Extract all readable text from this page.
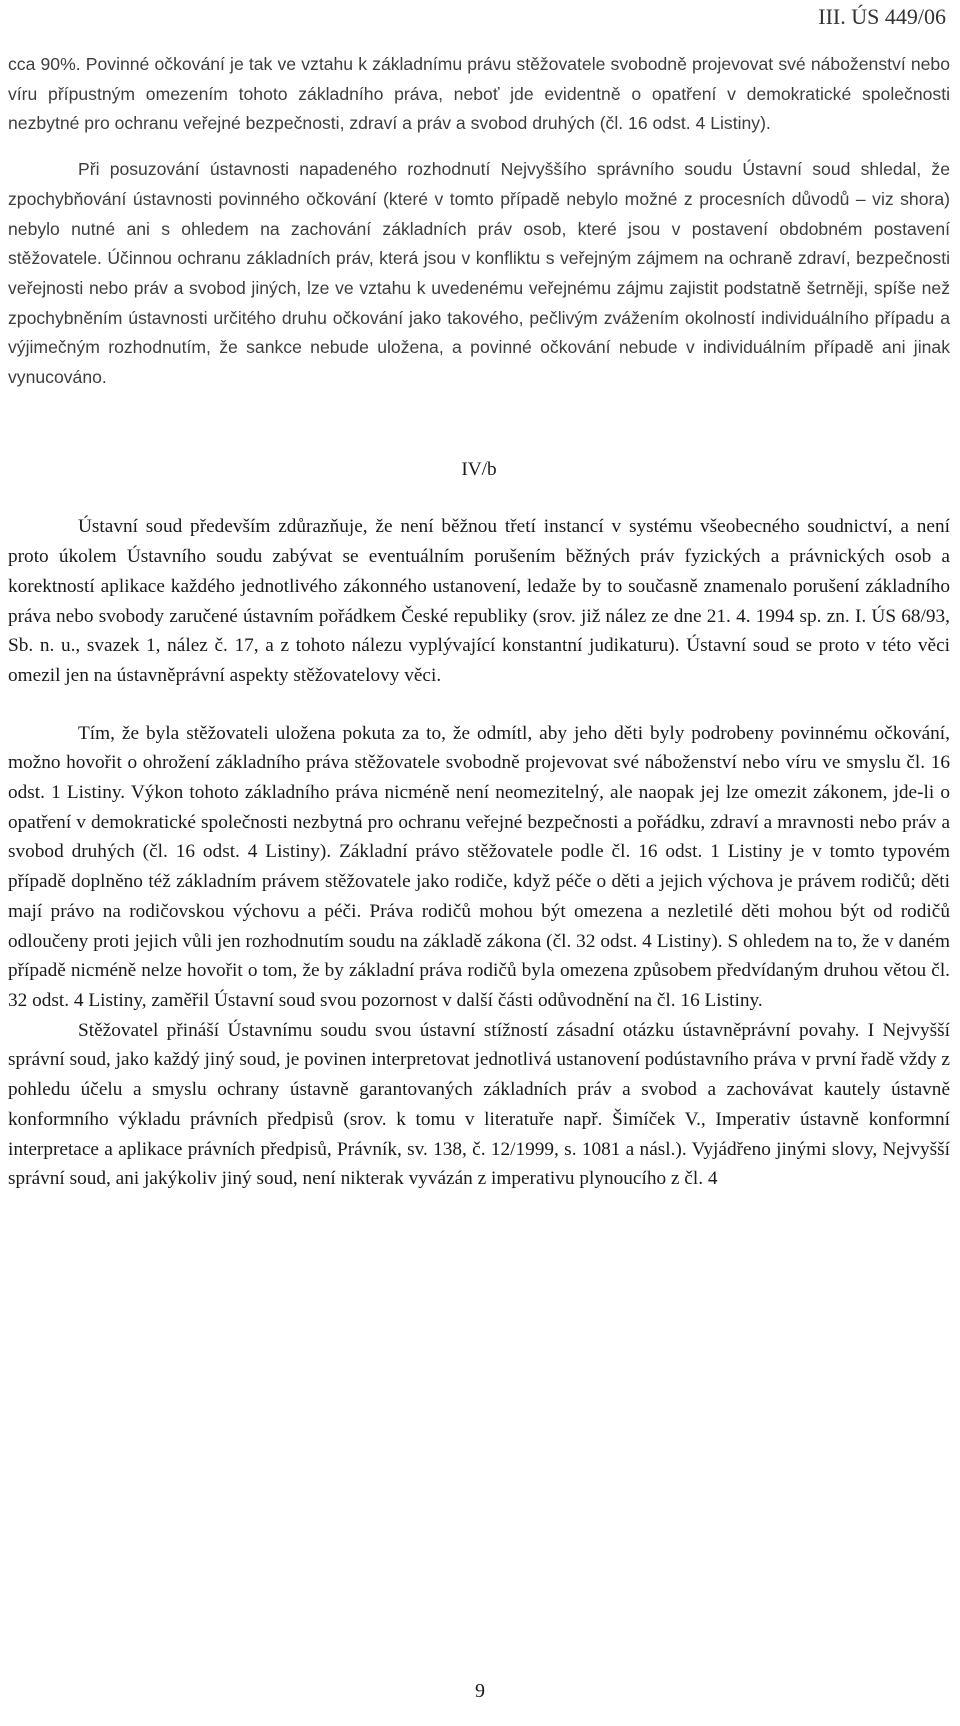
III. ÚS 449/06

cca 90%. Povinné očkování je tak ve vztahu k základnímu právu stěžovatele svobodně projevovat své náboženství nebo víru přípustným omezením tohoto základního práva, neboť jde evidentně o opatření v demokratické společnosti nezbytné pro ochranu veřejné bezpečnosti, zdraví a práv a svobod druhých (čl. 16 odst. 4 Listiny).

Při posuzování ústavnosti napadeného rozhodnutí Nejvyššího správního soudu Ústavní soud shledal, že zpochybňování ústavnosti povinného očkování (které v tomto případě nebylo možné z procesních důvodů – viz shora) nebylo nutné ani s ohledem na zachování základních práv osob, které jsou v postavení obdobném postavení stěžovatele. Účinnou ochranu základních práv, která jsou v konfliktu s veřejným zájmem na ochraně zdraví, bezpečnosti veřejnosti nebo práv a svobod jiných, lze ve vztahu k uvedenému veřejnému zájmu zajistit podstatně šetrněji, spíše než zpochybněním ústavnosti určitého druhu očkování jako takového, pečlivým zvážením okolností individuálního případu a výjimečným rozhodnutím, že sankce nebude uložena, a povinné očkování nebude v individuálním případě ani jinak vynucováno.

IV/b

Ústavní soud především zdůrazňuje, že není běžnou třetí instancí v systému všeobecného soudnictví, a není proto úkolem Ústavního soudu zabývat se eventuálním porušením běžných práv fyzických a právnických osob a korektností aplikace každého jednotlivého zákonného ustanovení, ledaže by to současně znamenalo porušení základního práva nebo svobody zaručené ústavním pořádkem České republiky (srov. již nález ze dne 21. 4. 1994 sp. zn. I. ÚS 68/93, Sb. n. u., svazek 1, nález č. 17, a z tohoto nálezu vyplývající konstantní judikaturu). Ústavní soud se proto v této věci omezil jen na ústavněprávní aspekty stěžovatelovy věci.

Tím, že byla stěžovateli uložena pokuta za to, že odmítl, aby jeho děti byly podrobeny povinnému očkování, možno hovořit o ohrožení základního práva stěžovatele svobodně projevovat své náboženství nebo víru ve smyslu čl. 16 odst. 1 Listiny. Výkon tohoto základního práva nicméně není neomezitelný, ale naopak jej lze omezit zákonem, jde-li o opatření v demokratické společnosti nezbytná pro ochranu veřejné bezpečnosti a pořádku, zdraví a mravnosti nebo práv a svobod druhých (čl. 16 odst. 4 Listiny). Základní právo stěžovatele podle čl. 16 odst. 1 Listiny je v tomto typovém případě doplněno též základním právem stěžovatele jako rodiče, když péče o děti a jejich výchova je právem rodičů; děti mají právo na rodičovskou výchovu a péči. Práva rodičů mohou být omezena a nezletilé děti mohou být od rodičů odloučeny proti jejich vůli jen rozhodnutím soudu na základě zákona (čl. 32 odst. 4 Listiny). S ohledem na to, že v daném případě nicméně nelze hovořit o tom, že by základní práva rodičů byla omezena způsobem předvídaným druhou větou čl. 32 odst. 4 Listiny, zaměřil Ústavní soud svou pozornost v další části odůvodnění na čl. 16 Listiny.

Stěžovatel přináší Ústavnímu soudu svou ústavní stížností zásadní otázku ústavněprávní povahy. I Nejvyšší správní soud, jako každý jiný soud, je povinen interpretovat jednotlivá ustanovení podústavního práva v první řadě vždy z pohledu účelu a smyslu ochrany ústavně garantovaných základních práv a svobod a zachovávat kautely ústavně konformního výkladu právních předpisů (srov. k tomu v literatuře např. Šimíček V., Imperativ ústavně konformní interpretace a aplikace právních předpisů, Právník, sv. 138, č. 12/1999, s. 1081 a násl.). Vyjádřeno jinými slovy, Nejvyšší správní soud, ani jakýkoliv jiný soud, není nikterak vyvázán z imperativu plynoucího z čl. 4

9
